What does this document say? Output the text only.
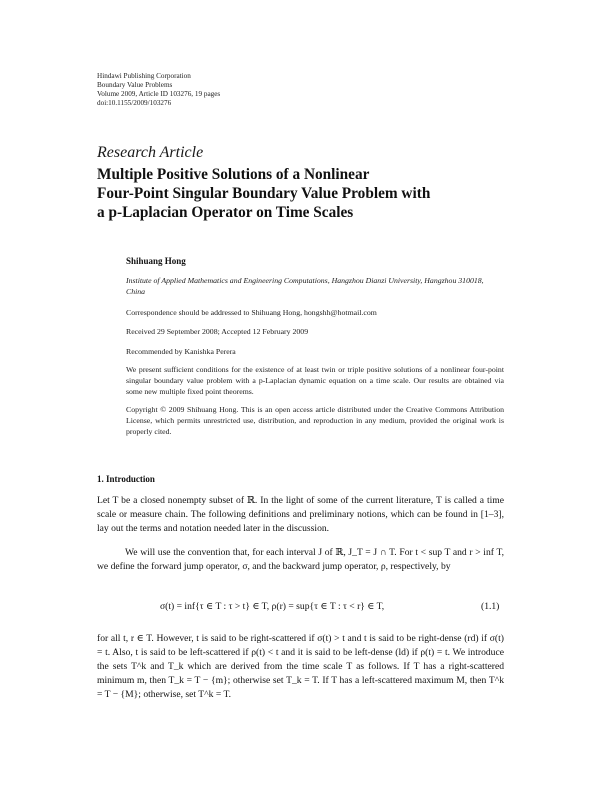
Hindawi Publishing Corporation
Boundary Value Problems
Volume 2009, Article ID 103276, 19 pages
doi:10.1155/2009/103276
Research Article
Multiple Positive Solutions of a Nonlinear
Four-Point Singular Boundary Value Problem with
a p-Laplacian Operator on Time Scales
Shihuang Hong
Institute of Applied Mathematics and Engineering Computations, Hangzhou Dianzi University, Hangzhou 310018, China
Correspondence should be addressed to Shihuang Hong, hongshh@hotmail.com
Received 29 September 2008; Accepted 12 February 2009
Recommended by Kanishka Perera
We present sufficient conditions for the existence of at least twin or triple positive solutions of a nonlinear four-point singular boundary value problem with a p-Laplacian dynamic equation on a time scale. Our results are obtained via some new multiple fixed point theorems.
Copyright © 2009 Shihuang Hong. This is an open access article distributed under the Creative Commons Attribution License, which permits unrestricted use, distribution, and reproduction in any medium, provided the original work is properly cited.
1. Introduction
Let T be a closed nonempty subset of ℝ. In the light of some of the current literature, T is called a time scale or measure chain. The following definitions and preliminary notions, which can be found in [1–3], lay out the terms and notation needed later in the discussion.
We will use the convention that, for each interval J of ℝ, J_T = J ∩ T. For t < sup T and r > inf T, we define the forward jump operator, σ, and the backward jump operator, ρ, respectively, by
σ(t) = inf{τ ∈ T : τ > t} ∈ T, ρ(r) = sup{τ ∈ T : τ < r} ∈ T,	(1.1)
for all t, r ∈ T. However, t is said to be right-scattered if σ(t) > t and t is said to be right-dense (rd) if σ(t) = t. Also, t is said to be left-scattered if ρ(t) < t and it is said to be left-dense (ld) if ρ(t) = t. We introduce the sets T^k and T_k which are derived from the time scale T as follows. If T has a right-scattered minimum m, then T_k = T − {m}; otherwise set T_k = T. If T has a left-scattered maximum M, then T^k = T − {M}; otherwise, set T^k = T.
